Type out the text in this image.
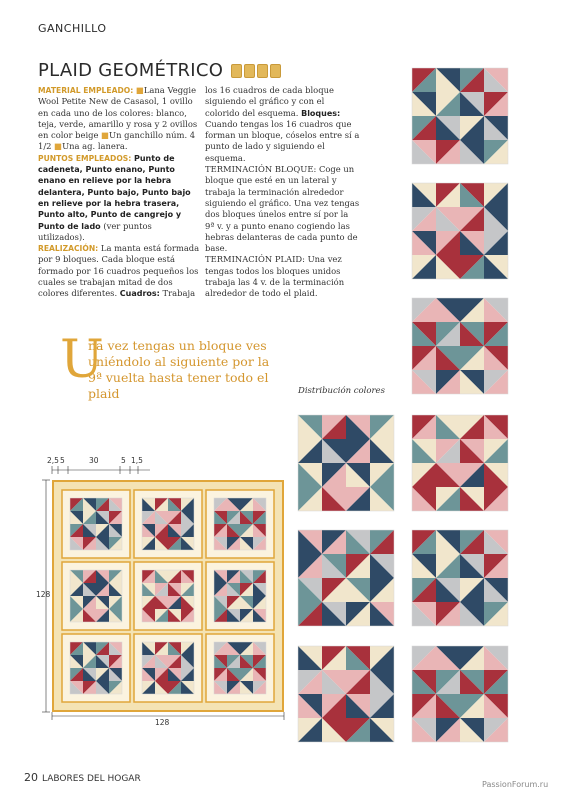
GANCHILLO
PLAID GEOMÉTRICO
MATERIAL EMPLEADO: ■Lana Veggie Wool Petite New de Casasol, 1 ovillo en cada uno de los colores: blanco, teja, verde, amarillo y rosa y 2 ovillos en color beige ■Un ganchillo núm. 4 1/2 ■Una ag. lanera.
PUNTOS EMPLEADOS: Punto de cadeneta, Punto enano, Punto enano en relieve por la hebra delantera, Punto bajo, Punto bajo en relieve por la hebra trasera, Punto alto, Punto de cangrejo y Punto de lado (ver puntos utilizados).
REALIZACIÓN: La manta está formada por 9 bloques. Cada bloque está formado por 16 cuadros pequeños los cuales se trabajan mitad de dos colores diferentes. Cuadros: Trabaja
los 16 cuadros de cada bloque siguiendo el gráfico y con el colorido del esquema. Bloques: Cuando tengas los 16 cuadros que forman un bloque, cóselos entre sí a punto de lado y siguiendo el esquema.
TERMINACIÓN BLOQUE: Coge un bloque que esté en un lateral y trabaja la terminación alrededor siguiendo el gráfico. Una vez tengas dos bloques únelos entre sí por la 9ª v. y a punto enano cogiendo las hebras delanteras de cada punto de base.
TERMINACIÓN PLAID: Una vez tengas todos los bloques unidos trabaja las 4 v. de la terminación alrededor de todo el plaid.
U
na vez tengas un bloque ves uniéndolo al siguiente por la 9ª vuelta hasta tener todo el plaid	Distribución colores
2,5 5	30	5 1,5
128
128
20 LABORES DEL HOGAR
PassionForum.ru
